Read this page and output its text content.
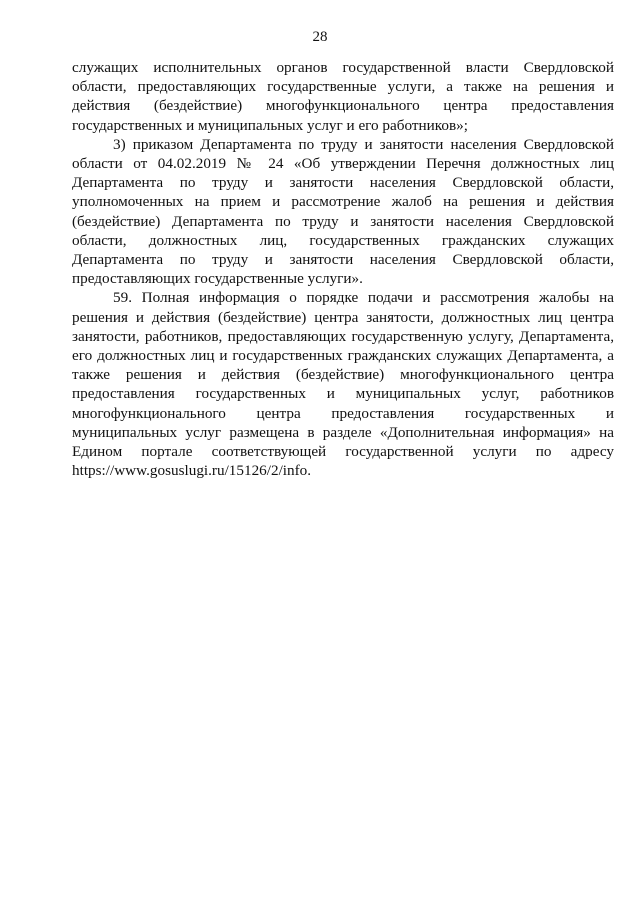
28

служащих исполнительных органов государственной власти Свердловской области, предоставляющих государственные услуги, а также на решения и действия (бездействие) многофункционального центра предоставления государственных и муниципальных услуг и его работников»;

3) приказом Департамента по труду и занятости населения Свердловской области от 04.02.2019 № 24 «Об утверждении Перечня должностных лиц Департамента по труду и занятости населения Свердловской области, уполномоченных на прием и рассмотрение жалоб на решения и действия (бездействие) Департамента по труду и занятости населения Свердловской области, должностных лиц, государственных гражданских служащих Департамента по труду и занятости населения Свердловской области, предоставляющих государственные услуги».

59. Полная информация о порядке подачи и рассмотрения жалобы на решения и действия (бездействие) центра занятости, должностных лиц центра занятости, работников, предоставляющих государственную услугу, Департамента, его должностных лиц и государственных гражданских служащих Департамента, а также решения и действия (бездействие) многофункционального центра предоставления государственных и муниципальных услуг, работников многофункционального центра предоставления государственных и муниципальных услуг размещена в разделе «Дополнительная информация» на Едином портале соответствующей государственной услуги по адресу https://www.gosuslugi.ru/15126/2/info.
